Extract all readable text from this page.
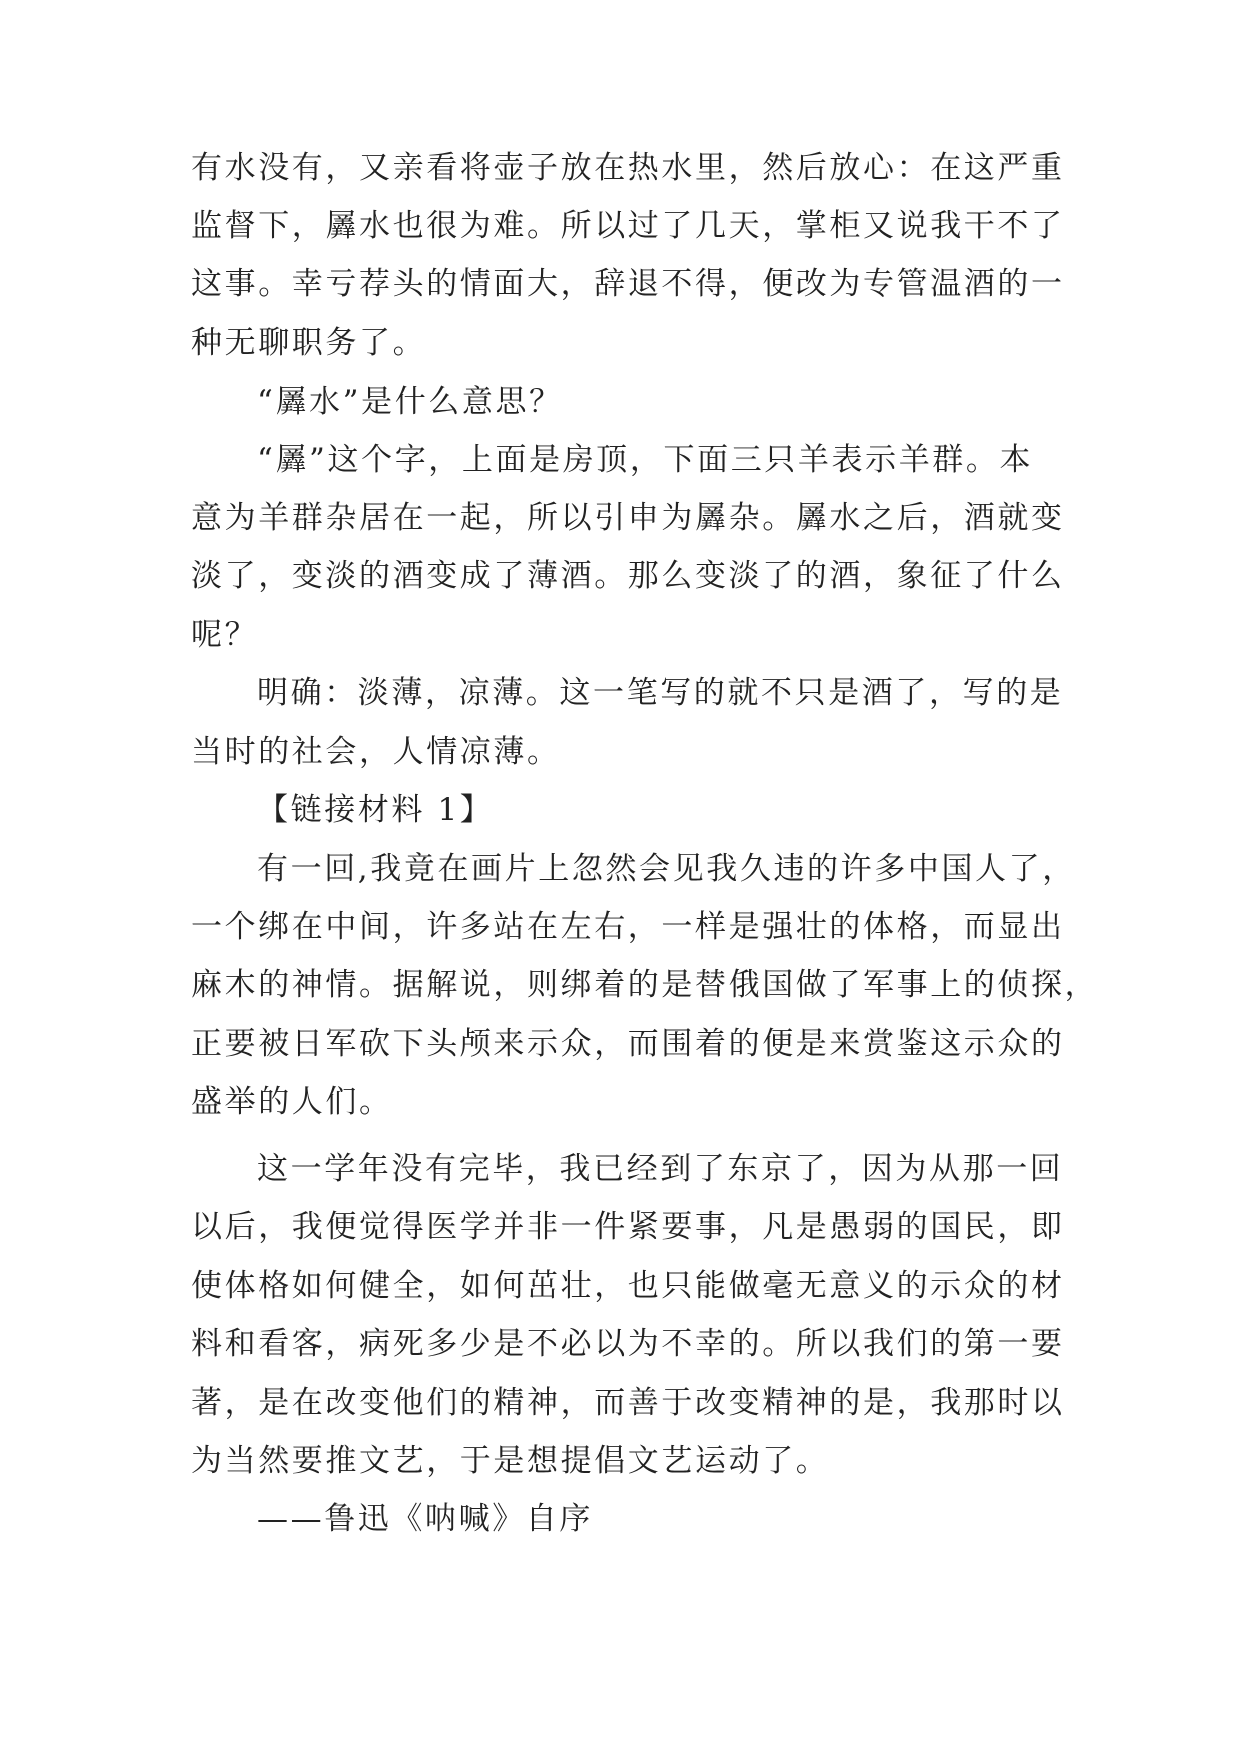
有水没有，又亲看将壶子放在热水里，然后放心：在这严重
监督下，羼水也很为难。所以过了几天，掌柜又说我干不了
这事。幸亏荐头的情面大，辞退不得，便改为专管温酒的一
种无聊职务了。
“羼水”是什么意思？
“羼”这个字，上面是房顶，下面三只羊表示羊群。本
意为羊群杂居在一起，所以引申为羼杂。羼水之后，酒就变
淡了，变淡的酒变成了薄酒。那么变淡了的酒，象征了什么
呢？
明确：淡薄，凉薄。这一笔写的就不只是酒了，写的是
当时的社会，人情凉薄。
【链接材料 1】
有一回,我竟在画片上忽然会见我久违的许多中国人了，
一个绑在中间，许多站在左右，一样是强壮的体格，而显出
麻木的神情。据解说，则绑着的是替俄国做了军事上的侦探，
正要被日军砍下头颅来示众，而围着的便是来赏鉴这示众的
盛举的人们。
这一学年没有完毕，我已经到了东京了，因为从那一回
以后，我便觉得医学并非一件紧要事，凡是愚弱的国民，即
使体格如何健全，如何茁壮，也只能做毫无意义的示众的材
料和看客，病死多少是不必以为不幸的。所以我们的第一要
著，是在改变他们的精神，而善于改变精神的是，我那时以
为当然要推文艺，于是想提倡文艺运动了。
——鲁迅《呐喊》自序
